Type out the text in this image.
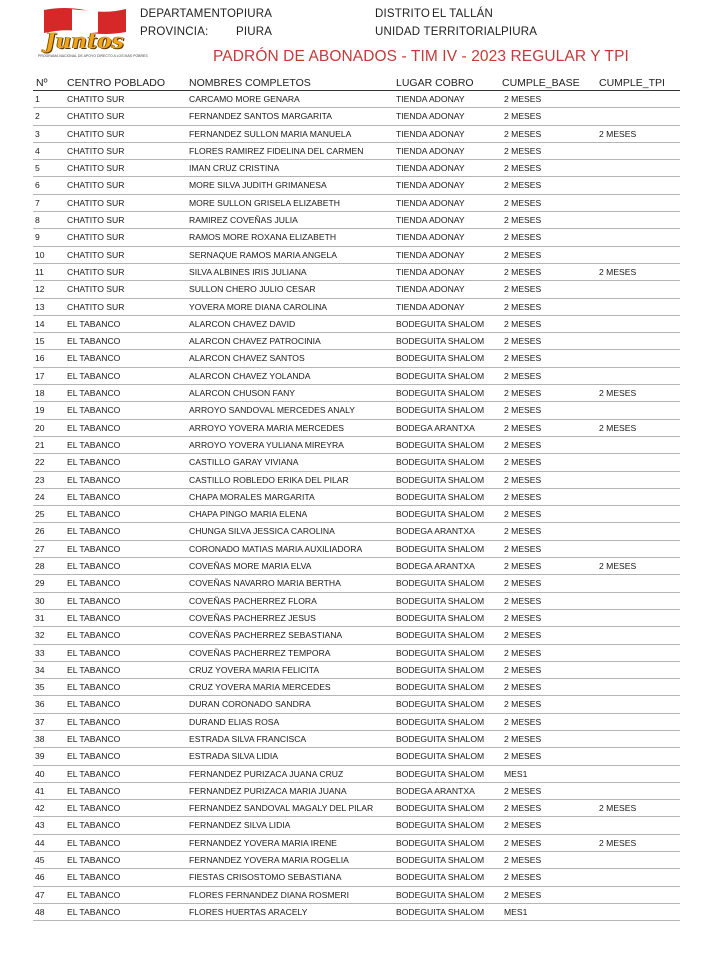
Juntos
PROGRAMA NACIONAL DE APOYO DIRECTO A LOS MÁS POBRES
DEPARTAMENTO PIURA
PROVINCIA: PIURA
DISTRITO EL TALLÁN
UNIDAD TERRITORIAL PIURA
PADRÓN DE ABONADOS - TIM IV - 2023 REGULAR Y TPI
Nº CENTRO POBLADO NOMBRES COMPLETOS	LUGAR COBRO	CUMPLE_BASE CUMPLE_TPI
1	CHATITO SUR	CARCAMO MORE GENARA	TIENDA ADONAY	2 MESES
2	CHATITO SUR	FERNANDEZ SANTOS MARGARITA	TIENDA ADONAY	2 MESES
3	CHATITO SUR	FERNANDEZ SULLON MARIA MANUELA	TIENDA ADONAY	2 MESES	2 MESES
4	CHATITO SUR	FLORES RAMIREZ FIDELINA DEL CARMEN	TIENDA ADONAY	2 MESES
5	CHATITO SUR	IMAN CRUZ CRISTINA	TIENDA ADONAY	2 MESES
6	CHATITO SUR	MORE SILVA JUDITH GRIMANESA	TIENDA ADONAY	2 MESES
7	CHATITO SUR	MORE SULLON GRISELA ELIZABETH	TIENDA ADONAY	2 MESES
8	CHATITO SUR	RAMIREZ COVEÑAS JULIA	TIENDA ADONAY	2 MESES
9	CHATITO SUR	RAMOS MORE ROXANA ELIZABETH	TIENDA ADONAY	2 MESES
10	CHATITO SUR	SERNAQUE RAMOS MARIA ANGELA	TIENDA ADONAY	2 MESES
11	CHATITO SUR	SILVA ALBINES IRIS JULIANA	TIENDA ADONAY	2 MESES	2 MESES
12	CHATITO SUR	SULLON CHERO JULIO CESAR	TIENDA ADONAY	2 MESES
13	CHATITO SUR	YOVERA MORE DIANA CAROLINA	TIENDA ADONAY	2 MESES
14	EL TABANCO	ALARCON CHAVEZ DAVID	BODEGUITA SHALOM 2 MESES
15	EL TABANCO	ALARCON CHAVEZ PATROCINIA	BODEGUITA SHALOM 2 MESES
16	EL TABANCO	ALARCON CHAVEZ SANTOS	BODEGUITA SHALOM 2 MESES
17	EL TABANCO	ALARCON CHAVEZ YOLANDA	BODEGUITA SHALOM 2 MESES
18	EL TABANCO	ALARCON CHUSON FANY	BODEGUITA SHALOM 2 MESES	2 MESES
19	EL TABANCO	ARROYO SANDOVAL MERCEDES ANALY	BODEGUITA SHALOM 2 MESES
20	EL TABANCO	ARROYO YOVERA MARIA MERCEDES	BODEGA ARANTXA	2 MESES	2 MESES
21	EL TABANCO	ARROYO YOVERA YULIANA MIREYRA	BODEGUITA SHALOM 2 MESES
22	EL TABANCO	CASTILLO GARAY VIVIANA	BODEGUITA SHALOM 2 MESES
23	EL TABANCO	CASTILLO ROBLEDO ERIKA DEL PILAR	BODEGUITA SHALOM 2 MESES
24	EL TABANCO	CHAPA MORALES MARGARITA	BODEGUITA SHALOM 2 MESES
25	EL TABANCO	CHAPA PINGO MARIA ELENA	BODEGUITA SHALOM 2 MESES
26	EL TABANCO	CHUNGA SILVA JESSICA CAROLINA	BODEGA ARANTXA	2 MESES
27	EL TABANCO	CORONADO MATIAS MARIA AUXILIADORA	BODEGUITA SHALOM 2 MESES
28	EL TABANCO	COVEÑAS MORE MARIA ELVA	BODEGA ARANTXA	2 MESES	2 MESES
29	EL TABANCO	COVEÑAS NAVARRO MARIA BERTHA	BODEGUITA SHALOM 2 MESES
30	EL TABANCO	COVEÑAS PACHERREZ FLORA	BODEGUITA SHALOM 2 MESES
31	EL TABANCO	COVEÑAS PACHERREZ JESUS	BODEGUITA SHALOM 2 MESES
32	EL TABANCO	COVEÑAS PACHERREZ SEBASTIANA	BODEGUITA SHALOM 2 MESES
33	EL TABANCO	COVEÑAS PACHERREZ TEMPORA	BODEGUITA SHALOM 2 MESES
34	EL TABANCO	CRUZ YOVERA MARIA FELICITA	BODEGUITA SHALOM 2 MESES
35	EL TABANCO	CRUZ YOVERA MARIA MERCEDES	BODEGUITA SHALOM 2 MESES
36	EL TABANCO	DURAN CORONADO SANDRA	BODEGUITA SHALOM 2 MESES
37	EL TABANCO	DURAND ELIAS ROSA	BODEGUITA SHALOM 2 MESES
38	EL TABANCO	ESTRADA SILVA FRANCISCA	BODEGUITA SHALOM 2 MESES
39	EL TABANCO	ESTRADA SILVA LIDIA	BODEGUITA SHALOM 2 MESES
40	EL TABANCO	FERNANDEZ PURIZACA JUANA CRUZ	BODEGUITA SHALOM MES1
41	EL TABANCO	FERNANDEZ PURIZACA MARIA JUANA	BODEGA ARANTXA	2 MESES
42	EL TABANCO	FERNANDEZ SANDOVAL MAGALY DEL PILAR	BODEGUITA SHALOM 2 MESES	2 MESES
43	EL TABANCO	FERNANDEZ SILVA LIDIA	BODEGUITA SHALOM 2 MESES
44	EL TABANCO	FERNANDEZ YOVERA MARIA IRENE	BODEGUITA SHALOM 2 MESES	2 MESES
45	EL TABANCO	FERNANDEZ YOVERA MARIA ROGELIA	BODEGUITA SHALOM 2 MESES
46	EL TABANCO	FIESTAS CRISOSTOMO SEBASTIANA	BODEGUITA SHALOM 2 MESES
47	EL TABANCO	FLORES FERNANDEZ DIANA ROSMERI	BODEGUITA SHALOM 2 MESES
48	EL TABANCO	FLORES HUERTAS ARACELY	BODEGUITA SHALOM MES1
